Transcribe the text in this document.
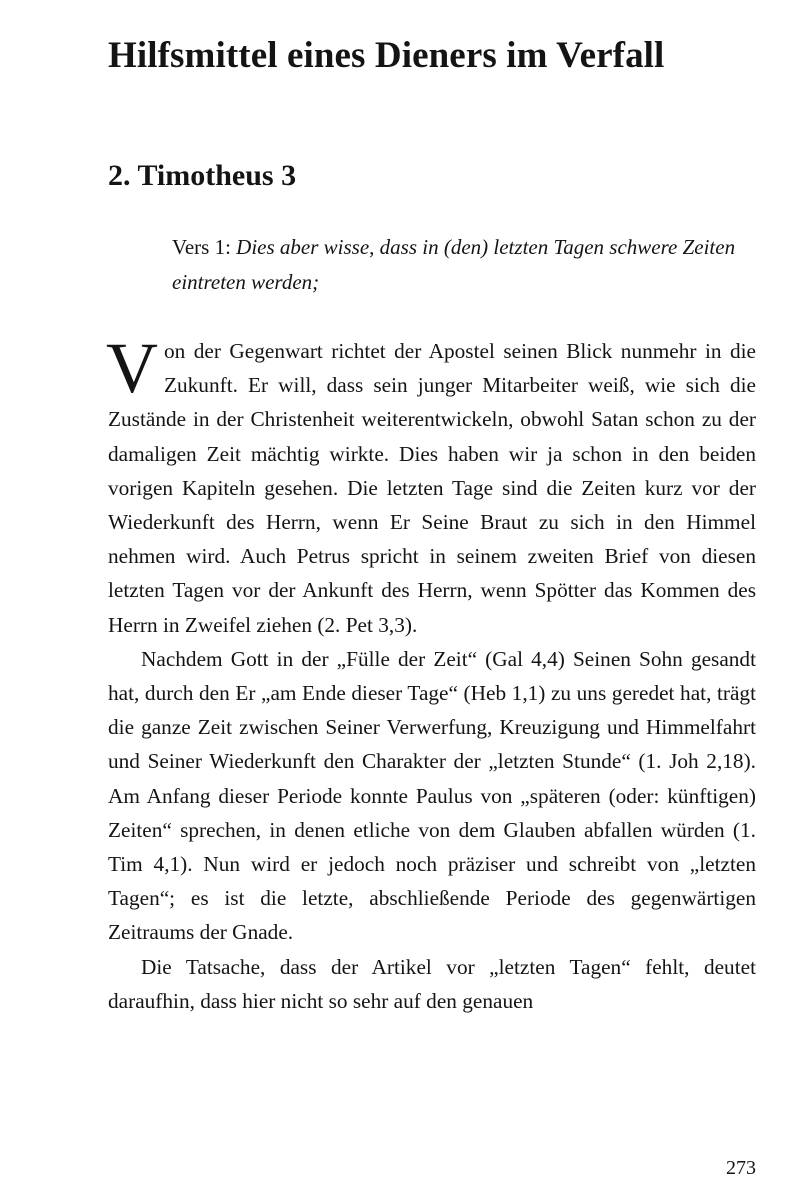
Hilfsmittel eines Dieners im Verfall
2. Timotheus 3

Vers 1: Dies aber wisse, dass in (den) letzten Tagen schwere Zeiten eintreten werden;

Von der Gegenwart richtet der Apostel seinen Blick nunmehr in die Zukunft. Er will, dass sein junger Mitarbeiter weiß, wie sich die Zustände in der Christenheit weiterentwickeln, obwohl Satan schon zu der damaligen Zeit mächtig wirkte. Dies haben wir ja schon in den beiden vorigen Kapiteln gesehen. Die letzten Tage sind die Zeiten kurz vor der Wiederkunft des Herrn, wenn Er Seine Braut zu sich in den Himmel nehmen wird. Auch Petrus spricht in seinem zweiten Brief von diesen letzten Tagen vor der Ankunft des Herrn, wenn Spötter das Kommen des Herrn in Zweifel ziehen (2. Pet 3,3).

Nachdem Gott in der „Fülle der Zeit“ (Gal 4,4) Seinen Sohn gesandt hat, durch den Er „am Ende dieser Tage“ (Heb 1,1) zu uns geredet hat, trägt die ganze Zeit zwischen Seiner Verwerfung, Kreuzigung und Himmelfahrt und Seiner Wiederkunft den Charakter der „letzten Stunde“ (1. Joh 2,18). Am Anfang dieser Periode konnte Paulus von „späteren (oder: künftigen) Zeiten“ sprechen, in denen etliche von dem Glauben abfallen würden (1. Tim 4,1). Nun wird er jedoch noch präziser und schreibt von „letzten Tagen“; es ist die letzte, abschließende Periode des gegenwärtigen Zeitraums der Gnade.

Die Tatsache, dass der Artikel vor „letzten Tagen“ fehlt, deutet daraufhin, dass hier nicht so sehr auf den genauen

273
